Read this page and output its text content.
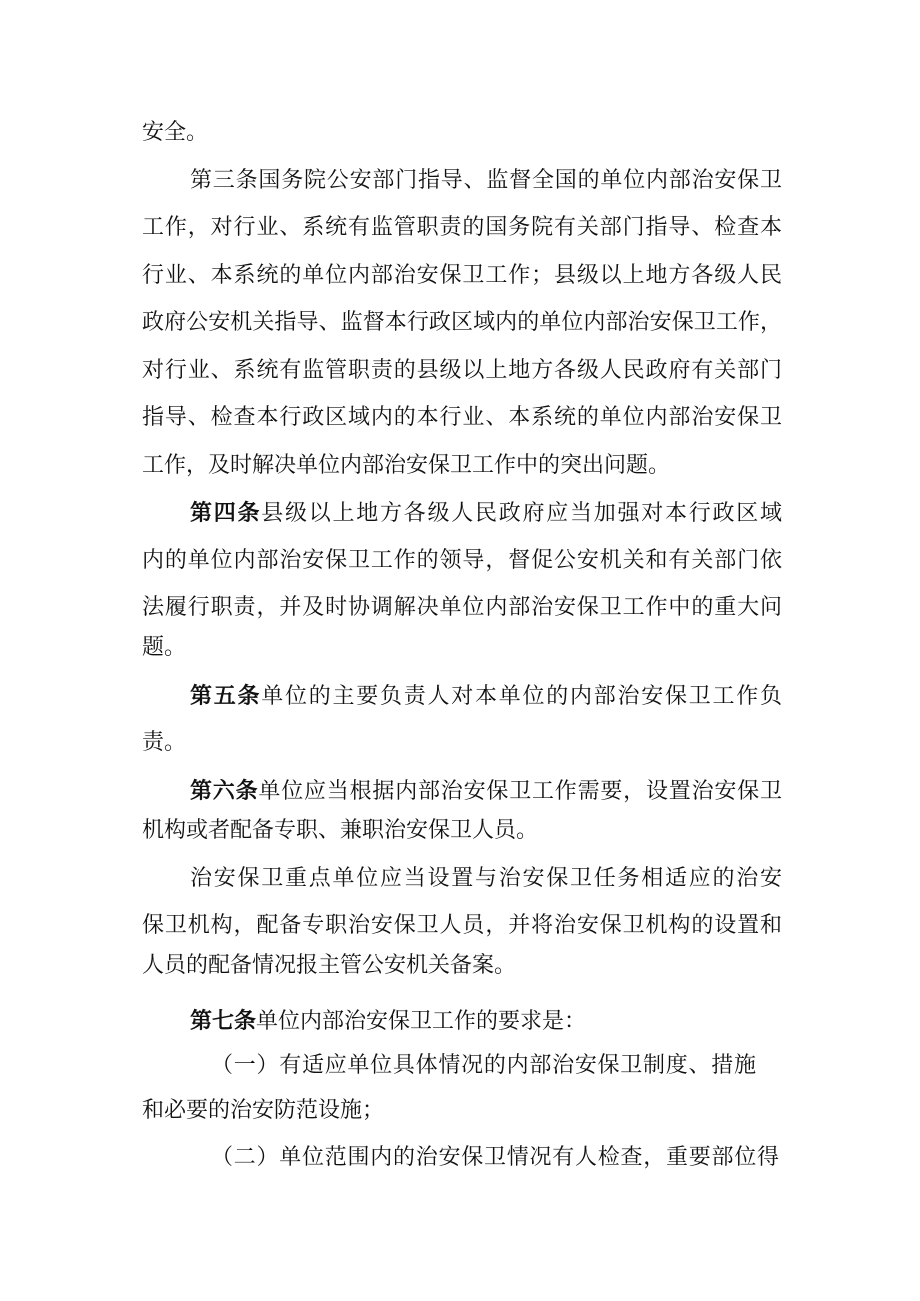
安全。
第三条国务院公安部门指导、监督全国的单位内部治安保卫
工作，对行业、系统有监管职责的国务院有关部门指导、检查本
行业、本系统的单位内部治安保卫工作；县级以上地方各级人民
政府公安机关指导、监督本行政区域内的单位内部治安保卫工作，
对行业、系统有监管职责的县级以上地方各级人民政府有关部门
指导、检查本行政区域内的本行业、本系统的单位内部治安保卫
工作，及时解决单位内部治安保卫工作中的突出问题。
第四条县级以上地方各级人民政府应当加强对本行政区域
内的单位内部治安保卫工作的领导，督促公安机关和有关部门依
法履行职责，并及时协调解决单位内部治安保卫工作中的重大问
题。
第五条单位的主要负责人对本单位的内部治安保卫工作负
责。
第六条单位应当根据内部治安保卫工作需要，设置治安保卫
机构或者配备专职、兼职治安保卫人员。
治安保卫重点单位应当设置与治安保卫任务相适应的治安
保卫机构，配备专职治安保卫人员，并将治安保卫机构的设置和
人员的配备情况报主管公安机关备案。
第七条单位内部治安保卫工作的要求是：
（一）有适应单位具体情况的内部治安保卫制度、措施
和必要的治安防范设施；
（二）单位范围内的治安保卫情况有人检查，重要部位得
